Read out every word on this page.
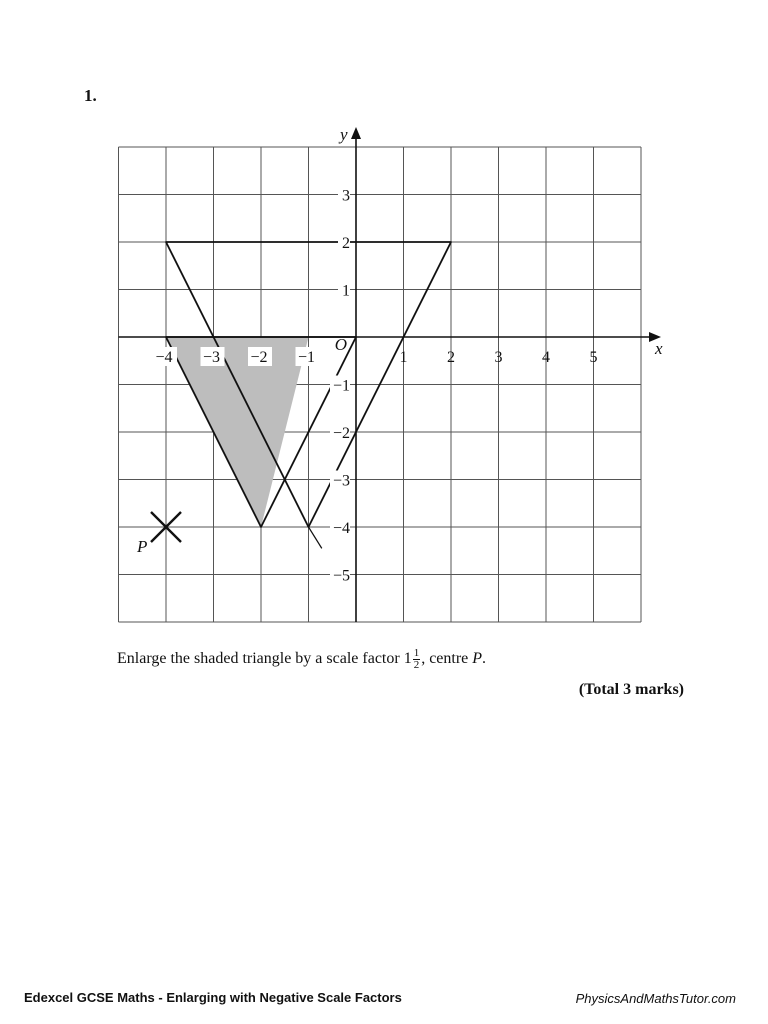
1.
−4 −3 −2 −1	1 2 3 4 5
3
2
1
−1
−2
−3
−4
−5
O	x
y
P
Enlarge the shaded triangle by a scale factor $1 \frac{1}{2}$ , centre P.
(Total 3 marks)
Edexcel GCSE Maths - Enlarging with Negative Scale Factors	PhysicsAndMathsTutor.com
